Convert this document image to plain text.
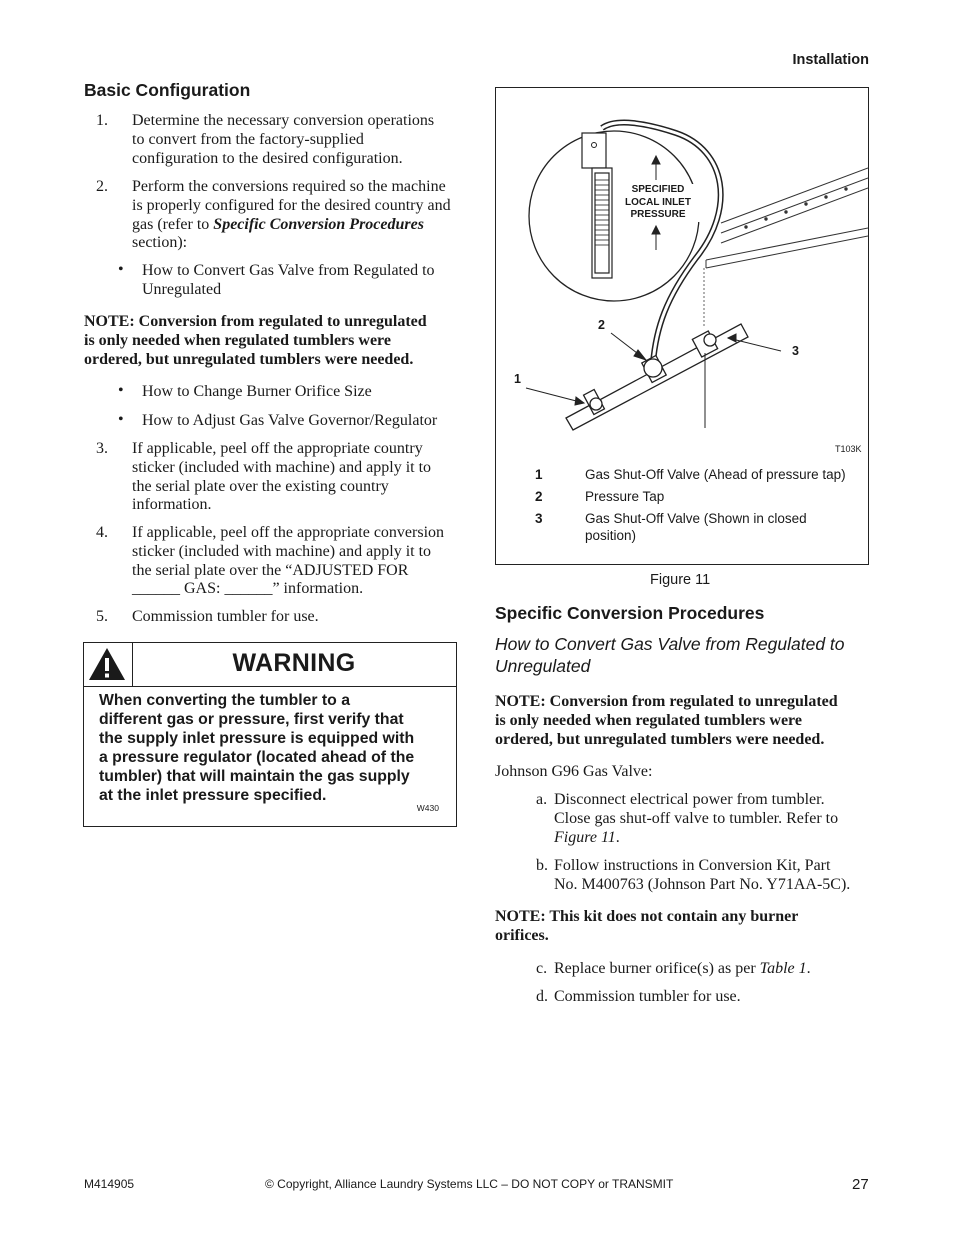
Installation
Basic Configuration
1.	Determine the necessary conversion operations
to convert from the factory-supplied
configuration to the desired configuration.
2.	Perform the conversions required so the machine
is properly configured for the desired country and
gas (refer to Specific Conversion Procedures
section):
• How to Convert Gas Valve from Regulated to
Unregulated
NOTE: Conversion from regulated to unregulated
is only needed when regulated tumblers were
ordered, but unregulated tumblers were needed.
• How to Change Burner Orifice Size
• How to Adjust Gas Valve Governor/Regulator
3.	If applicable, peel off the appropriate country
sticker (included with machine) and apply it to
the serial plate over the existing country
information.
4.	If applicable, peel off the appropriate conversion
sticker (included with machine) and apply it to
the serial plate over the “ADJUSTED FOR
______ GAS: ______” information.
5.	Commission tumbler for use.
WARNING
When converting the tumbler to a
different gas or pressure, first verify that
the supply inlet pressure is equipped with
a pressure regulator (located ahead of the
tumbler) that will maintain the gas supply
at the inlet pressure specified.
W430
SPECIFIED
LOCAL INLET
PRESSURE
1
2
3
T103K
1	Gas Shut-Off Valve (Ahead of pressure tap)
2	Pressure Tap
3	Gas Shut-Off Valve (Shown in closed
position)
Figure 11
Specific Conversion Procedures
How to Convert Gas Valve from Regulated to
Unregulated
NOTE: Conversion from regulated to unregulated
is only needed when regulated tumblers were
ordered, but unregulated tumblers were needed.
Johnson G96 Gas Valve:
a. Disconnect electrical power from tumbler.
Close gas shut-off valve to tumbler. Refer to
Figure 11.
b. Follow instructions in Conversion Kit, Part
No. M400763 (Johnson Part No. Y71AA-5C).
NOTE: This kit does not contain any burner
orifices.
c. Replace burner orifice(s) as per Table 1.
d. Commission tumbler for use.
M414905	© Copyright, Alliance Laundry Systems LLC – DO NOT COPY or TRANSMIT	27
